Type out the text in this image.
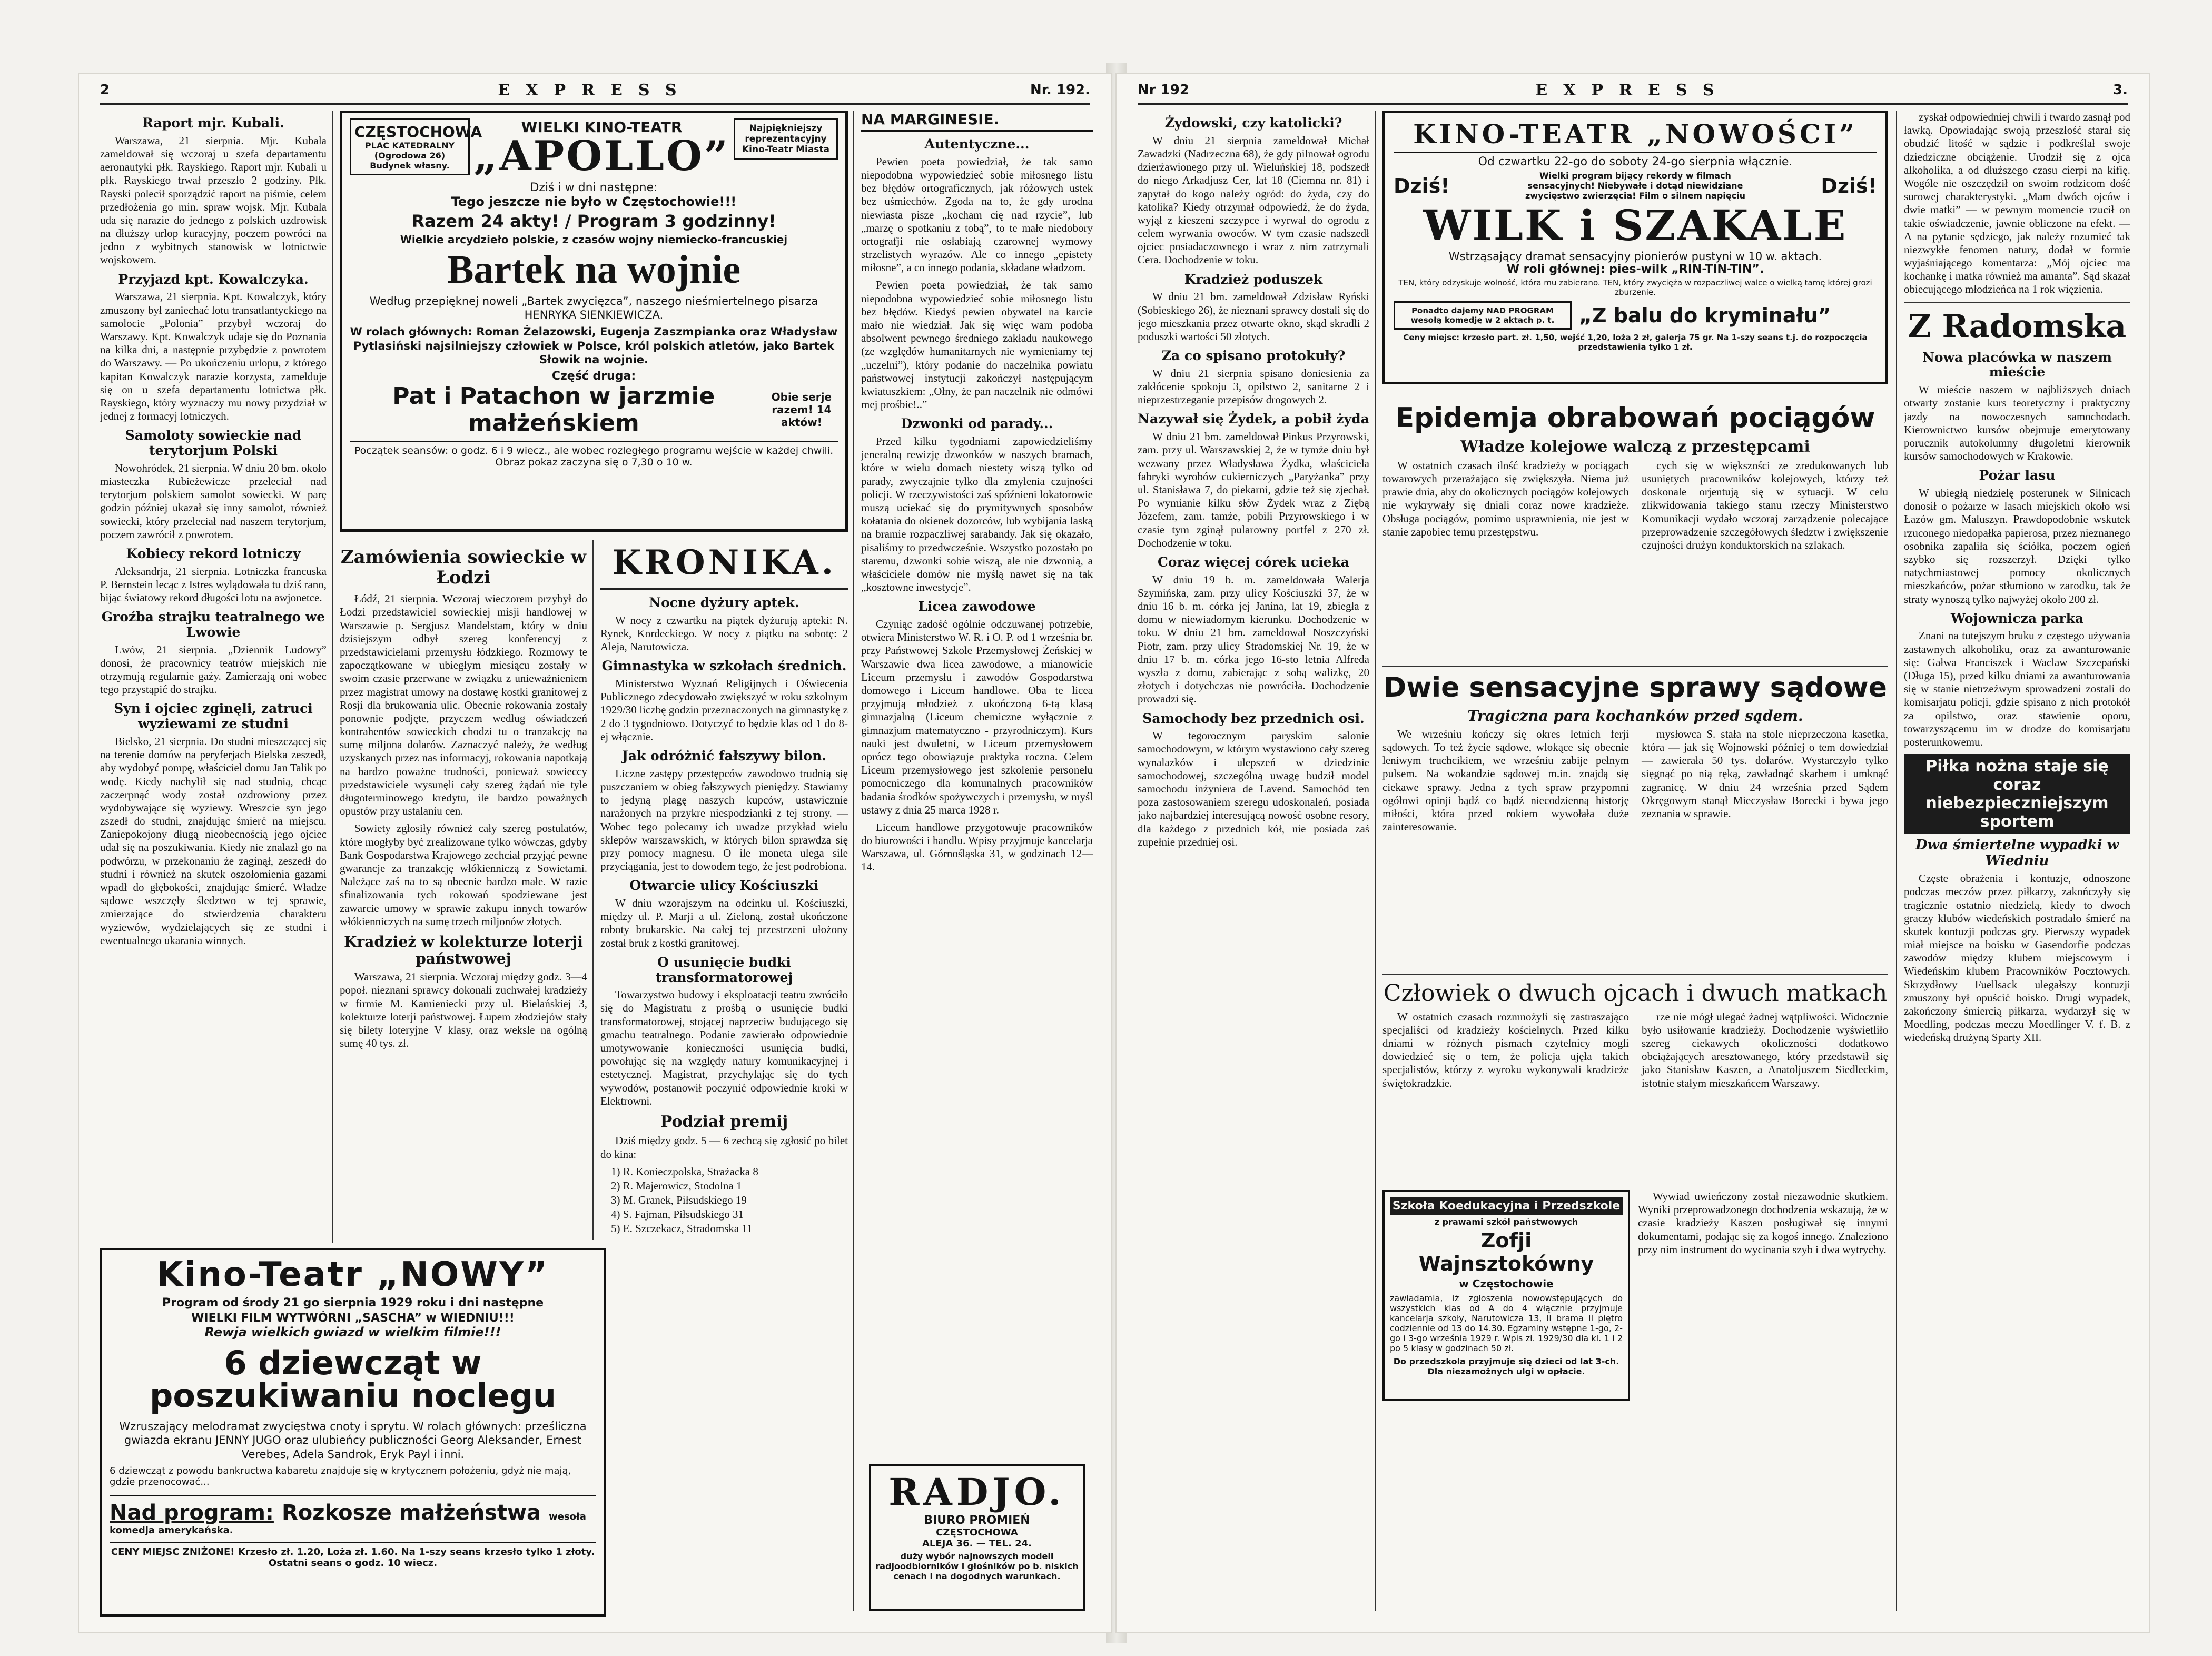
2	EXPRESS	Nr. 192.
Raport mjr. Kubali.

Warszawa, 21 sierpnia. Mjr. Kubala zameldował się wczoraj u szefa departamentu aeronautyki płk. Rayskiego. Raport mjr. Kubali u płk. Rayskiego trwał przeszło 2 godziny. Płk. Rayski polecił sporządzić raport na piśmie, celem przedłożenia go min. spraw wojsk. Mjr. Kubala uda się narazie do jednego z polskich uzdrowisk na dłuższy urlop kuracyjny, poczem powróci na jedno z wybitnych stanowisk w lotnictwie wojskowem.

Przyjazd kpt. Kowalczyka.

Warszawa, 21 sierpnia. Kpt. Kowalczyk, który zmuszony był zaniechać lotu transatlantyckiego na samolocie „Polonia” przybył wczoraj do Warszawy. Kpt. Kowalczyk udaje się do Poznania na kilka dni, a następnie przybędzie z powrotem do Warszawy. — Po ukończeniu urlopu, z którego kapitan Kowalczyk narazie korzysta, zamelduje się on u szefa departamentu lotnictwa płk. Rayskiego, który wyznaczy mu nowy przydział w jednej z formacyj lotniczych.

Samoloty sowieckie nad terytorjum Polski

Nowohródek, 21 sierpnia. W dniu 20 bm. około miasteczka Rubieżewicze przeleciał nad terytorjum polskiem samolot sowiecki. W parę godzin później ukazał się inny samolot, również sowiecki, który przeleciał nad naszem terytorjum, poczem zawrócił z powrotem.

Kobiecy rekord lotniczy

Aleksandrja, 21 sierpnia. Lotniczka francuska P. Bernstein lecąc z Istres wylądowała tu dziś rano, bijąc światowy rekord długości lotu na awjonetce.

Groźba strajku teatralnego we Lwowie

Lwów, 21 sierpnia. „Dziennik Ludowy” donosi, że pracownicy teatrów miejskich nie otrzymują regularnie gaży. Zamierzają oni wobec tego przystąpić do strajku.

Syn i ojciec zginęli, zatruci wyziewami ze studni

Bielsko, 21 sierpnia. Do studni mieszczącej się na terenie domów na peryferjach Bielska zeszedł, aby wydobyć pompę, właściciel domu Jan Talik po wodę. Kiedy nachylił się nad studnią, chcąc zaczerpnąć wody został ozdrowiony przez wydobywające się wyziewy. Wreszcie syn jego zszedł do studni, znajdując śmierć na miejscu. Zaniepokojony długą nieobecnością jego ojciec udał się na poszukiwania. Kiedy nie znalazł go na podwórzu, w przekonaniu że zaginął, zeszedł do studni i również na skutek oszołomienia gazami wpadł do głębokości, znajdując śmierć. Władze sądowe wszczęły śledztwo w tej sprawie, zmierzające do stwierdzenia charakteru wyziewów, wydzielających się ze studni i ewentualnego ukarania winnych.

Kino-Teatr „NOWY”
Program od środy 21 go sierpnia 1929 roku i dni następne
WIELKI FILM WYTWÓRNI „SASCHA” w WIEDNIU!!!
Rewja wielkich gwiazd w wielkim filmie!!!
6 dziewcząt w poszukiwaniu noclegu
Wzruszający melodramat zwycięstwa cnoty i sprytu. W rolach głównych: prześliczna gwiazda ekranu JENNY JUGO oraz ulubieńcy publiczności Georg Aleksander, Ernest Verebes, Adela Sandrok, Eryk Payl i inni.
6 dziewcząt z powodu bankructwa kabaretu znajduje się w krytycznem położeniu, gdyż nie mają, gdzie przenocować...
Nad program: Rozkosze małżeństwa wesoła komedja amerykańska.
CENY MIEJSC ZNIŻONE! Krzesło zł. 1.20, Loża zł. 1.60. Na 1-szy seans krzesło tylko 1 złoty. Ostatni seans o godz. 10 wiecz.
CZĘSTOCHOWA
PLAC KATEDRALNY (Ogrodowa 26) Budynek własny.
WIELKI KINO-TEATR
„APOLLO”
Najpiękniejszy reprezentacyjny Kino-Teatr Miasta
Dziś i w dni następne:
Tego jeszcze nie było w Częstochowie!!!
Razem 24 akty! / Program 3 godzinny!
Wielkie arcydzieło polskie, z czasów wojny niemiecko-francuskiej
Bartek na wojnie
Według przepięknej noweli „Bartek zwycięzca”, naszego nieśmiertelnego pisarza HENRYKA SIENKIEWICZA.
W rolach głównych: Roman Żelazowski, Eugenja Zaszmpianka oraz Władysław Pytlasiński najsilniejszy człowiek w Polsce, król polskich atletów, jako Bartek Słowik na wojnie.
Część druga:
Pat i Patachon w jarzmie małżeńskiem
Obie serje razem! 14 aktów!
Początek seansów: o godz. 6 i 9 wiecz., ale wobec rozległego programu wejście w każdej chwili. Obraz pokaz zaczyna się o 7,30 o 10 w.
Zamówienia sowieckie w Łodzi

Łódź, 21 sierpnia. Wczoraj wieczorem przybył do Łodzi przedstawiciel sowieckiej misji handlowej w Warszawie p. Sergjusz Mandelstam, który w dniu dzisiejszym odbył szereg konferencyj z przedstawicielami przemysłu łódzkiego. Rozmowy te zapoczątkowane w ubiegłym miesiącu zostały w swoim czasie przerwane w związku z unieważnieniem przez magistrat umowy na dostawę kostki granitowej z Rosji dla brukowania ulic. Obecnie rokowania zostały ponownie podjęte, przyczem według oświadczeń kontrahentów sowieckich chodzi tu o tranzakcję na sumę miljona dolarów. Zaznaczyć należy, że według uzyskanych przez nas informacyj, rokowania napotkają na bardzo poważne trudności, ponieważ sowieccy przedstawiciele wysunęli cały szereg żądań nie tyle długoterminowego kredytu, ile bardzo poważnych opustów przy ustalaniu cen.

Sowiety zgłosiły również cały szereg postulatów, które mogłyby być zrealizowane tylko wówczas, gdyby Bank Gospodarstwa Krajowego zechciał przyjąć pewne gwarancje za tranzakcję włókienniczą z Sowietami. Należące zaś na to są obecnie bardzo małe. W razie sfinalizowania tych rokowań spodziewane jest zawarcie umowy w sprawie zakupu innych towarów włókienniczych na sumę trzech miljonów złotych.

Kradzież w kolekturze loterji państwowej

Warszawa, 21 sierpnia. Wczoraj między godz. 3—4 popoł. nieznani sprawcy dokonali zuchwałej kradzieży w firmie M. Kamieniecki przy ul. Bielańskiej 3, kolekturze loterji państwowej. Łupem złodziejów stały się bilety loteryjne V klasy, oraz weksle na ogólną sumę 40 tys. zł.

KRONIKA.
Nocne dyżury aptek.

W nocy z czwartku na piątek dyżurują apteki: N. Rynek, Kordeckiego. W nocy z piątku na sobotę: 2 Aleja, Narutowicza.

Gimnastyka w szkołach średnich.

Ministerstwo Wyznań Religijnych i Oświecenia Publicznego zdecydowało zwiększyć w roku szkolnym 1929/30 liczbę godzin przeznaczonych na gimnastykę z 2 do 3 tygodniowo. Dotyczyć to będzie klas od 1 do 8-ej włącznie.

Jak odróżnić fałszywy bilon.

Liczne zastępy przestępców zawodowo trudnią się puszczaniem w obieg fałszywych pieniędzy. Stawiamy to jedyną plagę naszych kupców, ustawicznie narażonych na przykre niespodzianki z tej strony. — Wobec tego polecamy ich uwadze przykład wielu sklepów warszawskich, w których bilon sprawdza się przy pomocy magnesu. O ile moneta ulega sile przyciągania, jest to dowodem tego, że jest podrobiona.

Otwarcie ulicy Kościuszki

W dniu wzorajszym na odcinku ul. Kościuszki, między ul. P. Marji a ul. Zieloną, został ukończone roboty brukarskie. Na całej tej przestrzeni ułożony został bruk z kostki granitowej.

O usunięcie budki transformatorowej

Towarzystwo budowy i eksploatacji teatru zwróciło się do Magistratu z prośbą o usunięcie budki transformatorowej, stojącej naprzeciw budującego się gmachu teatralnego. Podanie zawierało odpowiednie umotywowanie konieczności usunięcia budki, powołując się na względy natury komunikacyjnej i estetycznej. Magistrat, przychylając się do tych wywodów, postanowił poczynić odpowiednie kroki w Elektrowni.

Podział premij

Dziś między godz. 5 — 6 zechcą się zgłosić po bilet do kina:

1) R. Konieczpolska, Strażacka 8
2) R. Majerowicz, Stodolna 1
3) M. Granek, Piłsudskiego 19
4) S. Fajman, Piłsudskiego 31
5) E. Szczekacz, Stradomska 11
NA MARGINESIE.
Autentyczne...

Pewien poeta powiedział, że tak samo niepodobna wypowiedzieć sobie miłosnego listu bez błędów ortograficznych, jak różowych ustek bez uśmiechów. Zgoda na to, że gdy urodna niewiasta pisze „kocham cię nad rzycie”, lub „marzę o spotkaniu z tobą”, to te małe niedobory ortografji nie osłabiają czarownej wymowy strzelistych wyrazów. Ale co innego „epistety miłosne”, a co innego podania, składane władzom.

Pewien poeta powiedział, że tak samo niepodobna wypowiedzieć sobie miłosnego listu bez błędów. Kiedyś pewien obywatel na karcie mało nie wiedział. Jak się więc wam podoba absolwent pewnego średniego zakładu naukowego (ze względów humanitarnych nie wymieniamy tej „uczelni”), który podanie do naczelnika powiatu państwowej instytucji zakończył następującym kwiatuszkiem: „Ołny, że pan naczelnik nie odmówi mej prośbie!..”

Dzwonki od parady...

Przed kilku tygodniami zapowiedzieliśmy jeneralną rewizję dzwonków w naszych bramach, które w wielu domach niestety wiszą tylko od parady, zwyczajnie tylko dla zmylenia czujności policji. W rzeczywistości zaś spóźnieni lokatorowie muszą uciekać się do prymitywnych sposobów kołatania do okienek dozorców, lub wybijania laską na bramie rozpaczliwej sarabandy. Jak się okazało, pisaliśmy to przedwcześnie. Wszystko pozostało po staremu, dzwonki sobie wiszą, ale nie dzwonią, a właściciele domów nie myślą nawet się na tak „kosztowne inwestycje”.

Licea zawodowe

Czyniąc zadość ogólnie odczuwanej potrzebie, otwiera Ministerstwo W. R. i O. P. od 1 września br. przy Państwowej Szkole Przemysłowej Żeńskiej w Warszawie dwa licea zawodowe, a mianowicie Liceum przemysłu i zawodów Gospodarstwa domowego i Liceum handlowe. Oba te licea przyjmują młodzież z ukończoną 6-tą klasą gimnazjalną (Liceum chemiczne wyłącznie z gimnazjum matematyczno - przyrodniczym). Kurs nauki jest dwuletni, w Liceum przemysłowem oprócz tego obowiązuje praktyka roczna. Celem Liceum przemysłowego jest szkolenie personelu pomocniczego dla komunalnych pracowników badania środków spożywczych i przemysłu, w myśl ustawy z dnia 25 marca 1928 r.

Liceum handlowe przygotowuje pracowników do biurowości i handlu. Wpisy przyjmuje kancelarja Warszawa, ul. Górnośląska 31, w godzinach 12—14.

RADJO.
BIURO PROMIEŃ
CZĘSTOCHOWA
ALEJA 36. — TEL. 24.
duży wybór najnowszych modeli radjoodbiorników i głośników po b. niskich cenach i na dogodnych warunkach.
Nr 192	EXPRESS	3.
Żydowski, czy katolicki?

W dniu 21 sierpnia zameldował Michał Zawadzki (Nadrzeczna 68), że gdy pilnował ogrodu dzierżawionego przy ul. Wieluńskiej 18, podszedł do niego Arkadjusz Cer, lat 18 (Ciemna nr. 81) i zapytał do kogo należy ogród: do żyda, czy do katolika? Kiedy otrzymał odpowiedź, że do żyda, wyjął z kieszeni szczypce i wyrwał do ogrodu z celem wyrwania owoców. W tym czasie nadszedł ojciec posiadaczownego i wraz z nim zatrzymali Cera. Dochodzenie w toku.

Kradzież poduszek

W dniu 21 bm. zameldował Zdzisław Ryński (Sobieskiego 26), że nieznani sprawcy dostali się do jego mieszkania przez otwarte okno, skąd skradli 2 poduszki wartości 50 złotych.

Za co spisano protokuły?

W dniu 21 sierpnia spisano doniesienia za zakłócenie spokoju 3, opilstwo 2, sanitarne 2 i nieprzestrzeganie przepisów drogowych 2.

Nazywał się Żydek, a pobił żyda

W dniu 21 bm. zameldował Pinkus Przyrowski, zam. przy ul. Warszawskiej 2, że w tymże dniu był wezwany przez Władysława Żydka, właściciela fabryki wyrobów cukierniczych „Paryżanka” przy ul. Stanisława 7, do piekarni, gdzie też się zjechał. Po wymianie kilku słów Żydek wraz z Ziębą Józefem, zam. tamże, pobili Przyrowskiego i w czasie tym zginął pularowny portfel z 270 zł. Dochodzenie w toku.

Coraz więcej córek ucieka

W dniu 19 b. m. zameldowała Walerja Szymińska, zam. przy ulicy Kościuszki 37, że w dniu 16 b. m. córka jej Janina, lat 19, zbiegła z domu w niewiadomym kierunku. Dochodzenie w toku. W dniu 21 bm. zameldował Noszczyński Piotr, zam. przy ulicy Stradomskiej Nr. 19, że w dniu 17 b. m. córka jego 16-sto letnia Alfreda wyszła z domu, zabierając z sobą walizkę, 20 złotych i dotychczas nie powróciła. Dochodzenie prowadzi się.

Samochody bez przednich osi.

W tegorocznym paryskim salonie samochodowym, w którym wystawiono cały szereg wynalazków i ulepszeń w dziedzinie samochodowej, szczególną uwagę budził model samochodu inżyniera de Lavend. Samochód ten poza zastosowaniem szeregu udoskonaleń, posiada jako najbardziej interesującą nowość osobne resory, dla każdego z przednich kół, nie posiada zaś zupełnie przedniej osi.

KINO-TEATR „NOWOŚCI”
Od czwartku 22-go do soboty 24-go sierpnia włącznie.
Dziś!	Wielki program bijący rekordy w filmach sensacyjnych! Niebywałe i dotąd niewidziane zwycięstwo zwierzęcia! Film o silnem napięciu	Dziś!
WILK i SZAKALE
Wstrząsający dramat sensacyjny pionierów pustyni w 10 w. aktach.
W roli głównej: pies-wilk „RIN-TIN-TIN”.
TEN, który odzyskuje wolność, która mu zabierano. TEN, który zwycięża w rozpaczliwej walce o wielką tamę której grozi zburzenie.
Ponadto dajemy NAD PROGRAM wesołą komedję w 2 aktach p. t.	„Z balu do kryminału”
Ceny miejsc: krzesło part. zł. 1,50, wejść 1,20, loża 2 zł, galerja 75 gr. Na 1-szy seans t.j. do rozpoczęcia przedstawienia tylko 1 zł.
Epidemja obrabowań pociągów
Władze kolejowe walczą z przestępcami

W ostatnich czasach ilość kradzieży w pociągach towarowych przerażająco się zwiększyła. Niema już prawie dnia, aby do okolicznych pociągów kolejowych nie wykrywały się dniali coraz nowe kradzieże. Obsługa pociągów, pomimo usprawnienia, nie jest w stanie zapobiec temu przestępstwu.

cych się w większości ze zredukowanych lub usuniętych pracowników kolejowych, którzy też doskonale orjentują się w sytuacji. W celu zlikwidowania takiego stanu rzeczy Ministerstwo Komunikacji wydało wczoraj zarządzenie polecające przeprowadzenie szczegółowych śledztw i zwiększenie czujności drużyn konduktorskich na szlakach.

Dwie sensacyjne sprawy sądowe
Tragiczna para kochanków przed sądem.

We wrześniu kończy się okres letnich ferji sądowych. To też życie sądowe, wlokące się obecnie leniwym truchcikiem, we wrześniu zabije pełnym pulsem. Na wokandzie sądowej m.in. znajdą się ciekawe sprawy. Jedna z tych spraw przypomni ogółowi opinji bądź co bądź niecodzienną historję miłości, która przed rokiem wywołała duże zainteresowanie.

mysłowca S. stała na stole nieprzeczona kasetka, która — jak się Wojnowski później o tem dowiedział — zawierała 50 tys. dolarów. Wystarczyło tylko sięgnąć po nią ręką, zawładnąć skarbem i umknąć zagranicę. W dniu 24 września przed Sądem Okręgowym stanął Mieczysław Borecki i bywa jego zeznania w sprawie.

Człowiek o dwuch ojcach i dwuch matkach

W ostatnich czasach rozmnożyli się zastraszająco specjaliści od kradzieży kościelnych. Przed kilku dniami w różnych pismach czytelnicy mogli dowiedzieć się o tem, że policja ujęła takich specjalistów, którzy z wyroku wykonywali kradzieże świętokradzkie.

rze nie mógł ulegać żadnej wątpliwości. Widocznie było usiłowanie kradzieży. Dochodzenie wyświetliło szereg ciekawych okoliczności dodatkowo obciążających aresztowanego, który przedstawił się jako Stanisław Kaszen, a Anatoljuszem Siedleckim, istotnie stałym mieszkańcem Warszawy.

Szkoła Koedukacyjna i Przedszkole
z prawami szkół państwowych
Zofji Wajnsztokówny
w Częstochowie
zawiadamia, iż zgłoszenia nowowstępujących do wszystkich klas od A do 4 włącznie przyjmuje kancelarja szkoły, Narutowicza 13, II brama II piętro codziennie od 13 do 14.30. Egzaminy wstępne 1-go, 2-go i 3-go września 1929 r. Wpis zł. 1929/30 dla kl. 1 i 2 po 5 klasy w godzinach 50 zł.
Do przedszkola przyjmuje się dzieci od lat 3-ch.
Dla niezamożnych ulgi w opłacie.

Wywiad uwieńczony został niezawodnie skutkiem. Wyniki przeprowadzonego dochodzenia wskazują, że w czasie kradzieży Kaszen posługiwał się innymi dokumentami, podając się za kogoś innego. Znaleziono przy nim instrument do wycinania szyb i dwa wytrychy.

zyskał odpowiedniej chwili i twardo zasnął pod ławką. Opowiadając swoją przeszłość starał się obudzić litość w sądzie i podkreślał swoje dziedziczne obciążenie. Urodził się z ojca alkoholika, a od dłuższego czasu cierpi na kifię. Wogóle nie oszczędził on swoim rodzicom dość surowej charakterystyki. „Mam dwóch ojców i dwie matki” — w pewnym momencie rzucił on takie oświadczenie, jawnie obliczone na efekt. — A na pytanie sędziego, jak należy rozumieć tak niezwykłe fenomen natury, dodał w formie wyjaśniającego komentarza: „Mój ojciec ma kochankę i matka również ma amanta”. Sąd skazał obiecującego młodzieńca na 1 rok więzienia.

Z Radomska
Nowa placówka w naszem mieście

W mieście naszem w najbliższych dniach otwarty zostanie kurs teoretyczny i praktyczny jazdy na nowoczesnych samochodach. Kierownictwo kursów obejmuje emerytowany porucznik autokolumny długoletni kierownik kursów samochodowych w Krakowie.

Pożar lasu

W ubiegłą niedzielę posterunek w Silnicach donosił o pożarze w lasach miejskich około wsi Łazów gm. Maluszyn. Prawdopodobnie wskutek rzuconego niedopałka papierosa, przez nieznanego osobnika zapaliła się ściółka, poczem ogień szybko się rozszerzył. Dzięki tylko natychmiastowej pomocy okolicznych mieszkańców, pożar stłumiono w zarodku, tak że straty wynoszą tylko najwyżej około 200 zł.

Wojownicza parka

Znani na tutejszym bruku z częstego używania zastawnych alkoholiku, oraz za awanturowanie się: Gałwa Franciszek i Waclaw Szczepański (Długa 15), przed kilku dniami za awanturowania się w stanie nietrzeźwym sprowadzeni zostali do komisarjatu policji, gdzie spisano z nich protokół za opilstwo, oraz stawienie oporu, towarzyszącemu im w drodze do komisarjatu posterunkowemu.

Piłka nożna staje się coraz niebezpieczniejszym sportem
Dwa śmiertelne wypadki w Wiedniu

Częste obrażenia i kontuzje, odnoszone podczas meczów przez piłkarzy, zakończyły się tragicznie ostatnio niedzielą, kiedy to dwoch graczy klubów wiedeńskich postradało śmierć na skutek kontuzji podczas gry. Pierwszy wypadek miał miejsce na boisku w Gasendorfie podczas zawodów między klubem miejscowym i Wiedeńskim klubem Pracowników Pocztowych. Skrzydłowy Fuellsack ulegałszy kontuzji zmuszony był opuścić boisko. Drugi wypadek, zakończony śmiercią piłkarza, wydarzył się w Moedling, podczas meczu Moedlinger V. f. B. z wiedeńską drużyną Sparty XII.
